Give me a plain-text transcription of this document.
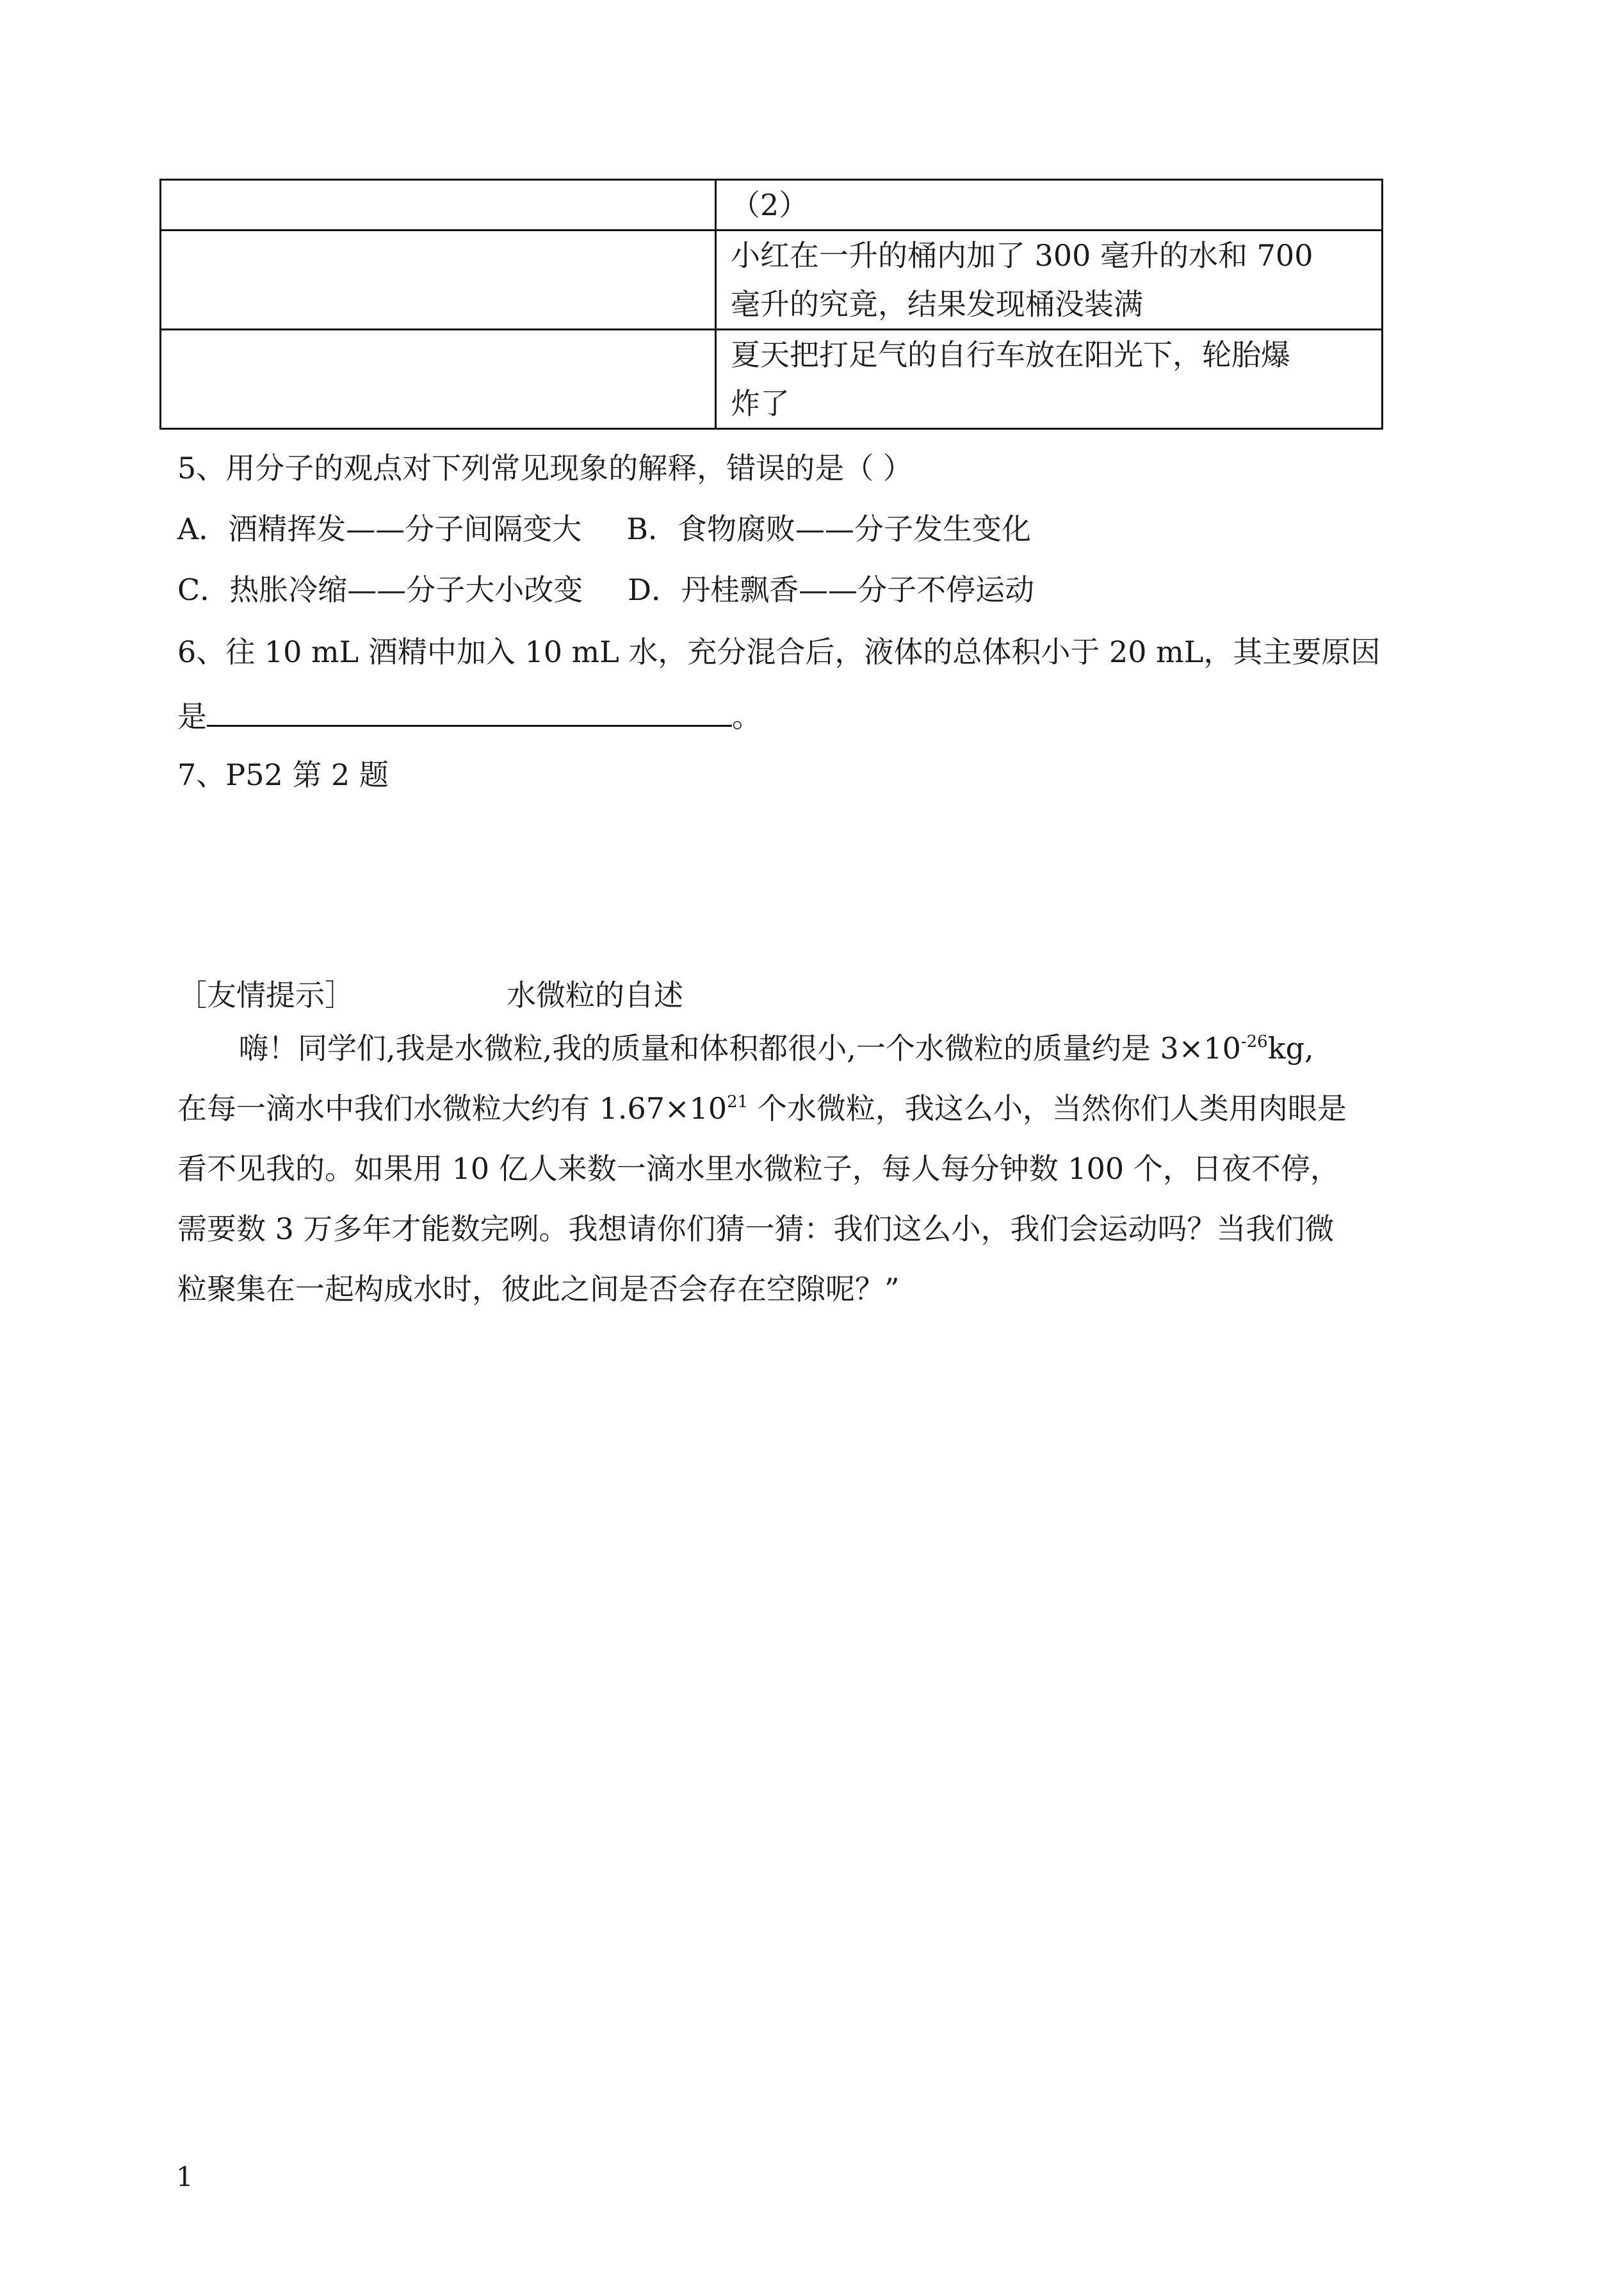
	（2）

	小红在一升的桶内加了 300 毫升的水和 700
毫升的究竟，结果发现桶没装满

	夏天把打足气的自行车放在阳光下，轮胎爆
炸了
5、用分子的观点对下列常见现象的解释，错误的是（ ）
A．酒精挥发——分子间隔变大 B．食物腐败——分子发生变化
C．热胀冷缩——分子大小改变 D．丹桂飘香——分子不停运动
6、往 10 mL 酒精中加入 10 mL 水，充分混合后，液体的总体积小于 20 mL，其主要原因
是	。
7、P52 第 2 题
［友情提示］	水微粒的自述

嗨！同学们,我是水微粒,我的质量和体积都很小,一个水微粒的质量约是 $3\times 10^{-26}kg$,

在每一滴水中我们水微粒大约有 $1.67\times 10^{21}$ 个水微粒，我这么小，当然你们人类用肉眼是

看不见我的。如果用 10 亿人来数一滴水里水微粒子，每人每分钟数 100 个，日夜不停，

需要数 3 万多年才能数完咧。我想请你们猜一猜：我们这么小，我们会运动吗？当我们微

粒聚集在一起构成水时，彼此之间是否会存在空隙呢？”

1
